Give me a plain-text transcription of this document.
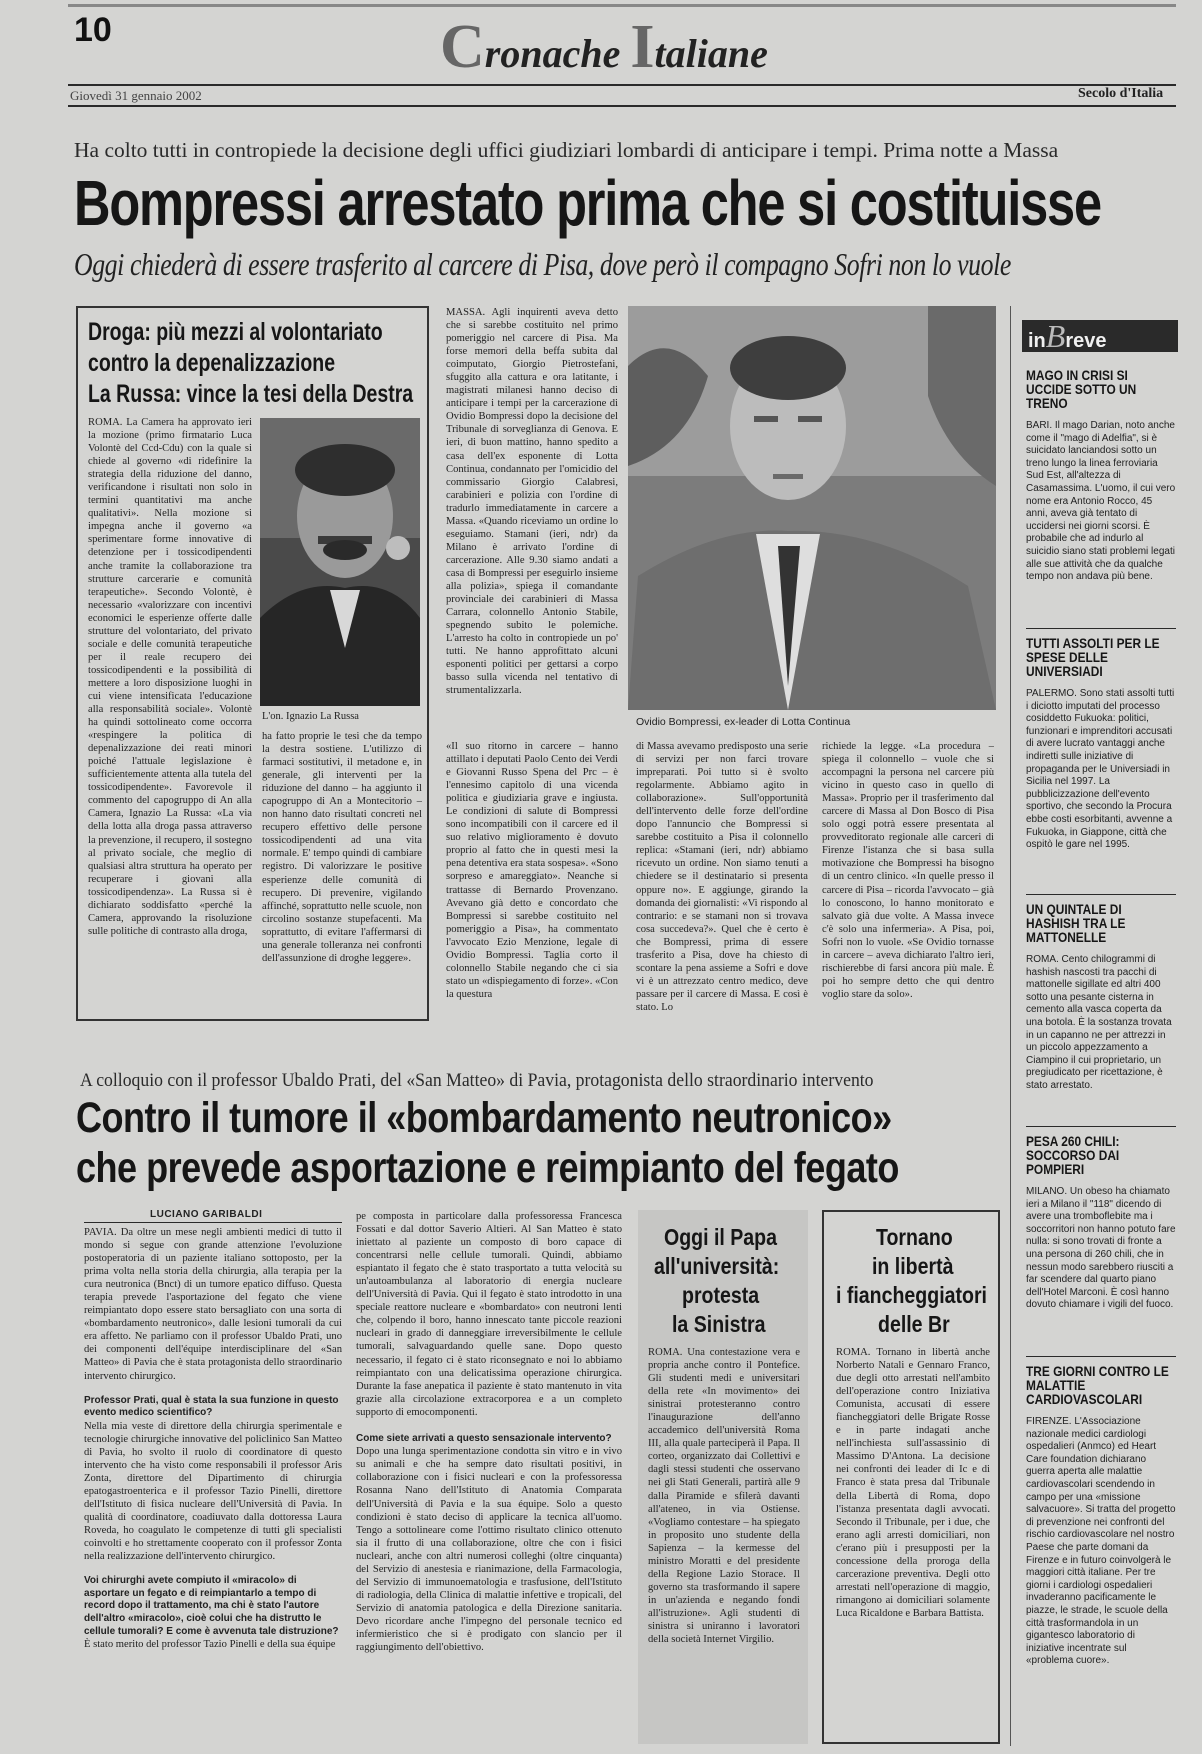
10	Cronache Italiane
Giovedì 31 gennaio 2002	Secolo d'Italia
Ha colto tutti in contropiede la decisione degli uffici giudiziari lombardi di anticipare i tempi. Prima notte a Massa
Bompressi arrestato prima che si costituisse
Oggi chiederà di essere trasferito al carcere di Pisa, dove però il compagno Sofri non lo vuole
Droga: più mezzi al volontariato
contro la depenalizzazione
La Russa: vince la tesi della Destra
L'on. Ignazio La Russa
ROMA. La Camera ha approvato ieri la mozione (primo firmatario Luca Volontè del Ccd-Cdu) con la quale si chiede al governo «di ridefinire la strategia della riduzione del danno, verificandone i risultati non solo in termini quantitativi ma anche qualitativi». Nella mozione si impegna anche il governo «a sperimentare forme innovative di detenzione per i tossicodipendenti anche tramite la collaborazione tra strutture carcerarie e comunità terapeutiche». Secondo Volontè, è necessario «valorizzare con incentivi economici le esperienze offerte dalle strutture del volontariato, del privato sociale e delle comunità terapeutiche per il reale recupero dei tossicodipendenti e la possibilità di mettere a loro disposizione luoghi in cui viene intensificata l'educazione alla responsabilità sociale». Volontè ha quindi sottolineato come occorra «respingere la politica di depenalizzazione dei reati minori poiché l'attuale legislazione è sufficientemente attenta alla tutela del tossicodipendente». Favorevole il commento del capogruppo di An alla Camera, Ignazio La Russa: «La via della lotta alla droga passa attraverso la prevenzione, il recupero, il sostegno al privato sociale, che meglio di qualsiasi altra struttura ha operato per recuperare i giovani alla tossicodipendenza». La Russa si è dichiarato soddisfatto «perché la Camera, approvando la risoluzione sulle politiche di contrasto alla droga,
ha fatto proprie le tesi che da tempo la destra sostiene. L'utilizzo di farmaci sostitutivi, il metadone e, in generale, gli interventi per la riduzione del danno – ha aggiunto il capogruppo di An a Montecitorio – non hanno dato risultati concreti nel recupero effettivo delle persone tossicodipendenti ad una vita normale. E' tempo quindi di cambiare registro. Di valorizzare le positive esperienze delle comunità di recupero. Di prevenire, vigilando affinché, soprattutto nelle scuole, non circolino sostanze stupefacenti. Ma soprattutto, di evitare l'affermarsi di una generale tolleranza nei confronti dell'assunzione di droghe leggere».
MASSA. Agli inquirenti aveva detto che si sarebbe costituito nel primo pomeriggio nel carcere di Pisa. Ma forse memori della beffa subita dal coimputato, Giorgio Pietrostefani, sfuggito alla cattura e ora latitante, i magistrati milanesi hanno deciso di anticipare i tempi per la carcerazione di Ovidio Bompressi dopo la decisione del Tribunale di sorveglianza di Genova. E ieri, di buon mattino, hanno spedito a casa dell'ex esponente di Lotta Continua, condannato per l'omicidio del commissario Giorgio Calabresi, carabinieri e polizia con l'ordine di tradurlo immediatamente in carcere a Massa. «Quando riceviamo un ordine lo eseguiamo. Stamani (ieri, ndr) da Milano è arrivato l'ordine di carcerazione. Alle 9.30 siamo andati a casa di Bompressi per eseguirlo insieme alla polizia», spiega il comandante provinciale dei carabinieri di Massa Carrara, colonnello Antonio Stabile, spegnendo subito le polemiche. L'arresto ha colto in contropiede un po' tutti. Ne hanno approfittato alcuni esponenti politici per gettarsi a corpo basso sulla vicenda nel tentativo di strumentalizzarla.
Ovidio Bompressi, ex-leader di Lotta Continua
«Il suo ritorno in carcere – hanno attillato i deputati Paolo Cento dei Verdi e Giovanni Russo Spena del Prc – è l'ennesimo capitolo di una vicenda politica e giudiziaria grave e ingiusta. Le condizioni di salute di Bompressi sono incompatibili con il carcere ed il suo relativo miglioramento è dovuto proprio al fatto che in questi mesi la pena detentiva era stata sospesa». «Sono sorpreso e amareggiato». Neanche si trattasse di Bernardo Provenzano. Avevano già detto e concordato che Bompressi si sarebbe costituito nel pomeriggio a Pisa», ha commentato l'avvocato Ezio Menzione, legale di Ovidio Bompressi. Taglia corto il colonnello Stabile negando che ci sia stato un «dispiegamento di forze». «Con la questura
di Massa avevamo predisposto una serie di servizi per non farci trovare impreparati. Poi tutto si è svolto regolarmente. Abbiamo agito in collaborazione». Sull'opportunità dell'intervento delle forze dell'ordine dopo l'annuncio che Bompressi si sarebbe costituito a Pisa il colonnello replica: «Stamani (ieri, ndr) abbiamo ricevuto un ordine. Non siamo tenuti a chiedere se il destinatario si presenta oppure no». E aggiunge, girando la domanda dei giornalisti: «Vi rispondo al contrario: e se stamani non si trovava cosa succedeva?». Quel che è certo è che Bompressi, prima di essere trasferito a Pisa, dove ha chiesto di scontare la pena assieme a Sofri e dove vi è un attrezzato centro medico, deve passare per il carcere di Massa. E così è stato. Lo
richiede la legge. «La procedura – spiega il colonnello – vuole che si accompagni la persona nel carcere più vicino in questo caso in quello di Massa». Proprio per il trasferimento dal carcere di Massa al Don Bosco di Pisa solo oggi potrà essere presentata al provveditorato regionale alle carceri di Firenze l'istanza che si basa sulla motivazione che Bompressi ha bisogno di un centro clinico. «In quelle presso il carcere di Pisa – ricorda l'avvocato – già lo conoscono, lo hanno monitorato e salvato già due volte. A Massa invece c'è solo una infermeria». A Pisa, poi, Sofri non lo vuole. «Se Ovidio tornasse in carcere – aveva dichiarato l'altro ieri, rischierebbe di farsi ancora più male. È poi ho sempre detto che qui dentro voglio stare da solo».
A colloquio con il professor Ubaldo Prati, del «San Matteo» di Pavia, protagonista dello straordinario intervento
Contro il tumore il «bombardamento neutronico»
che prevede asportazione e reimpianto del fegato
LUCIANO GARIBALDI
PAVIA. Da oltre un mese negli ambienti medici di tutto il mondo si segue con grande attenzione l'evoluzione postoperatoria di un paziente italiano sottoposto, per la prima volta nella storia della chirurgia, alla terapia per la cura neutronica (Bnct) di un tumore epatico diffuso. Questa terapia prevede l'asportazione del fegato che viene reimpiantato dopo essere stato bersagliato con una sorta di «bombardamento neutronico», dalle lesioni tumorali da cui era affetto. Ne parliamo con il professor Ubaldo Prati, uno dei componenti dell'équipe interdisciplinare del «San Matteo» di Pavia che è stata protagonista dello straordinario intervento chirurgico.
Professor Prati, qual è stata la sua funzione in questo evento medico scientifico?
Nella mia veste di direttore della chirurgia sperimentale e tecnologie chirurgiche innovative del policlinico San Matteo di Pavia, ho svolto il ruolo di coordinatore di questo intervento che ha visto come responsabili il professor Aris Zonta, direttore del Dipartimento di chirurgia epatogastroenterica e il professor Tazio Pinelli, direttore dell'Istituto di fisica nucleare dell'Università di Pavia. In qualità di coordinatore, coadiuvato dalla dottoressa Laura Roveda, ho coagulato le competenze di tutti gli specialisti coinvolti e ho strettamente cooperato con il professor Zonta nella realizzazione dell'intervento chirurgico.
Voi chirurghi avete compiuto il «miracolo» di asportare un fegato e di reimpiantarlo a tempo di record dopo il trattamento, ma chi è stato l'autore dell'altro «miracolo», cioè colui che ha distrutto le cellule tumorali? E come è avvenuta tale distruzione?
È stato merito del professor Tazio Pinelli e della sua équipe
pe composta in particolare dalla professoressa Francesca Fossati e dal dottor Saverio Altieri. Al San Matteo è stato iniettato al paziente un composto di boro capace di concentrarsi nelle cellule tumorali. Quindi, abbiamo espiantato il fegato che è stato trasportato a tutta velocità su un'autoambulanza al laboratorio di energia nucleare dell'Università di Pavia. Qui il fegato è stato introdotto in una speciale reattore nucleare e «bombardato» con neutroni lenti che, colpendo il boro, hanno innescato tante piccole reazioni nucleari in grado di danneggiare irreversibilmente le cellule tumorali, salvaguardando quelle sane. Dopo questo necessario, il fegato ci è stato riconsegnato e noi lo abbiamo reimpiantato con una delicatissima operazione chirurgica. Durante la fase anepatica il paziente è stato mantenuto in vita grazie alla circolazione extracorporea e a un completo supporto di emocomponenti.
Come siete arrivati a questo sensazionale intervento?
Dopo una lunga sperimentazione condotta sin vitro e in vivo su animali e che ha sempre dato risultati positivi, in collaborazione con i fisici nucleari e con la professoressa Rosanna Nano dell'Istituto di Anatomia Comparata dell'Università di Pavia e la sua équipe. Solo a questo condizioni è stato deciso di applicare la tecnica all'uomo. Tengo a sottolineare come l'ottimo risultato clinico ottenuto sia il frutto di una collaborazione, oltre che con i fisici nucleari, anche con altri numerosi colleghi (oltre cinquanta) del Servizio di anestesia e rianimazione, della Farmacologia, del Servizio di immunoematologia e trasfusione, dell'Istituto di radiologia, della Clinica di malattie infettive e tropicali, del Servizio di anatomia patologica e della Direzione sanitaria. Devo ricordare anche l'impegno del personale tecnico ed infermieristico che si è prodigato con slancio per il raggiungimento dell'obiettivo.
Oggi il Papa
all'università:
protesta
la Sinistra
ROMA. Una contestazione vera e propria anche contro il Pontefice. Gli studenti medi e universitari della rete «In movimento» dei sinistrai protesteranno contro l'inaugurazione dell'anno accademico dell'università Roma III, alla quale parteciperà il Papa. Il corteo, organizzato dai Collettivi e dagli stessi studenti che osservano nei gli Stati Generali, partirà alle 9 dalla Piramide e sfilerà davanti all'ateneo, in via Ostiense. «Vogliamo contestare – ha spiegato in proposito uno studente della Sapienza – la kermesse del ministro Moratti e del presidente della Regione Lazio Storace. Il governo sta trasformando il sapere in un'azienda e negando fondi all'istruzione». Agli studenti di sinistra si uniranno i lavoratori della società Internet Virgilio.
Tornano
in libertà
i fiancheggiatori
delle Br
ROMA. Tornano in libertà anche Norberto Natali e Gennaro Franco, due degli otto arrestati nell'ambito dell'operazione contro Iniziativa Comunista, accusati di essere fiancheggiatori delle Brigate Rosse e in parte indagati anche nell'inchiesta sull'assassinio di Massimo D'Antona. La decisione nei confronti dei leader di Ic e di Franco è stata presa dal Tribunale della Libertà di Roma, dopo l'istanza presentata dagli avvocati. Secondo il Tribunale, per i due, che erano agli arresti domiciliari, non c'erano più i presupposti per la concessione della proroga della carcerazione preventiva. Degli otto arrestati nell'operazione di maggio, rimangono ai domiciliari solamente Luca Ricaldone e Barbara Battista.
inBreve
MAGO IN CRISI SI UCCIDE SOTTO UN TRENO
BARI. Il mago Darian, noto anche come il "mago di Adelfia", si è suicidato lanciandosi sotto un treno lungo la linea ferroviaria Sud Est, all'altezza di Casamassima. L'uomo, il cui vero nome era Antonio Rocco, 45 anni, aveva già tentato di uccidersi nei giorni scorsi. È probabile che ad indurlo al suicidio siano stati problemi legati alle sue attività che da qualche tempo non andava più bene.
TUTTI ASSOLTI PER LE SPESE DELLE UNIVERSIADI
PALERMO. Sono stati assolti tutti i diciotto imputati del processo cosiddetto Fukuoka: politici, funzionari e imprenditori accusati di avere lucrato vantaggi anche indiretti sulle iniziative di propaganda per le Universiadi in Sicilia nel 1997. La pubblicizzazione dell'evento sportivo, che secondo la Procura ebbe costi esorbitanti, avvenne a Fukuoka, in Giappone, città che ospitò le gare nel 1995.
UN QUINTALE DI HASHISH TRA LE MATTONELLE
ROMA. Cento chilogrammi di hashish nascosti tra pacchi di mattonelle sigillate ed altri 400 sotto una pesante cisterna in cemento alla vasca coperta da una botola. È la sostanza trovata in un capanno ne per attrezzi in un piccolo appezzamento a Ciampino il cui proprietario, un pregiudicato per ricettazione, è stato arrestato.
PESA 260 CHILI: SOCCORSO DAI POMPIERI
MILANO. Un obeso ha chiamato ieri a Milano il "118" dicendo di avere una tromboflebite ma i soccorritori non hanno potuto fare nulla: si sono trovati di fronte a una persona di 260 chili, che in nessun modo sarebbero riusciti a far scendere dal quarto piano dell'Hotel Marconi. È così hanno dovuto chiamare i vigili del fuoco.
TRE GIORNI CONTRO LE MALATTIE CARDIOVASCOLARI
FIRENZE. L'Associazione nazionale medici cardiologi ospedalieri (Anmco) ed Heart Care foundation dichiarano guerra aperta alle malattie cardiovascolari scendendo in campo per una «missione salvacuore». Si tratta del progetto di prevenzione nei confronti del rischio cardiovascolare nel nostro Paese che parte domani da Firenze e in futuro coinvolgerà le maggiori città italiane. Per tre giorni i cardiologi ospedalieri invaderanno pacificamente le piazze, le strade, le scuole della città trasformandola in un gigantesco laboratorio di iniziative incentrate sul «problema cuore».
